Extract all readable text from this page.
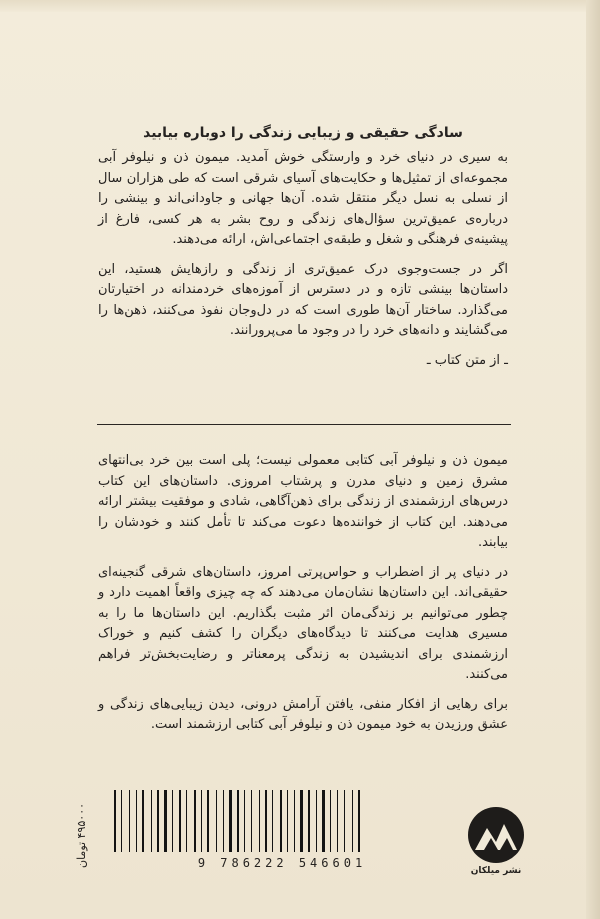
سادگی حقیقی و زیبایی زندگی را دوباره بیابید

به سیری در دنیای خرد و وارستگی خوش آمدید. میمون ذن و نیلوفر آبی مجموعه‌ای از تمثیل‌ها و حکایت‌های آسیای شرقی است که طی هزاران سال از نسلی به نسل دیگر منتقل شده. آن‌ها جهانی و جاودانی‌اند و بینشی را درباره‌ی عمیق‌ترین سؤال‌های زندگی و روح بشر به هر کسی، فارغ از پیشینه‌ی فرهنگی و شغل و طبقه‌ی اجتماعی‌اش، ارائه می‌دهند.

اگر در جست‌وجوی درک عمیق‌تری از زندگی و رازهایش هستید، این داستان‌ها بینشی تازه و در دسترس از آموزه‌های خردمندانه در اختیارتان می‌گذارد. ساختار آن‌ها طوری است که در دل‌وجان نفوذ می‌کنند، ذهن‌ها را می‌گشایند و دانه‌های خرد را در وجود ما می‌پرورانند.

ـ از متن کتاب ـ

میمون ذن و نیلوفر آبی کتابی معمولی نیست؛ پلی است بین خرد بی‌انتهای مشرق زمین و دنیای مدرن و پرشتاب امروزی. داستان‌های این کتاب درس‌های ارزشمندی از زندگی برای ذهن‌آگاهی، شادی و موفقیت بیشتر ارائه می‌دهند. این کتاب از خواننده‌ها دعوت می‌کند تا تأمل کنند و خودشان را بیابند.

در دنیای پر از اضطراب و حواس‌پرتی امروز، داستان‌های شرقی گنجینه‌ای حقیقی‌اند. این داستان‌ها نشان‌مان می‌دهند که چه چیزی واقعاً اهمیت دارد و چطور می‌توانیم بر زندگی‌مان اثر مثبت بگذاریم. این داستان‌ها ما را به مسیری هدایت می‌کنند تا دیدگاه‌های دیگران را کشف کنیم و خوراک ارزشمندی برای اندیشیدن به زندگی پرمعناتر و رضایت‌بخش‌تر فراهم می‌کنند.

برای رهایی از افکار منفی، یافتن آرامش درونی، دیدن زیبایی‌های زندگی و عشق ورزیدن به خود میمون ذن و نیلوفر آبی کتابی ارزشمند است.

9 786222 546601
۴۹۵۰۰۰ تومان
نشر میلکان
